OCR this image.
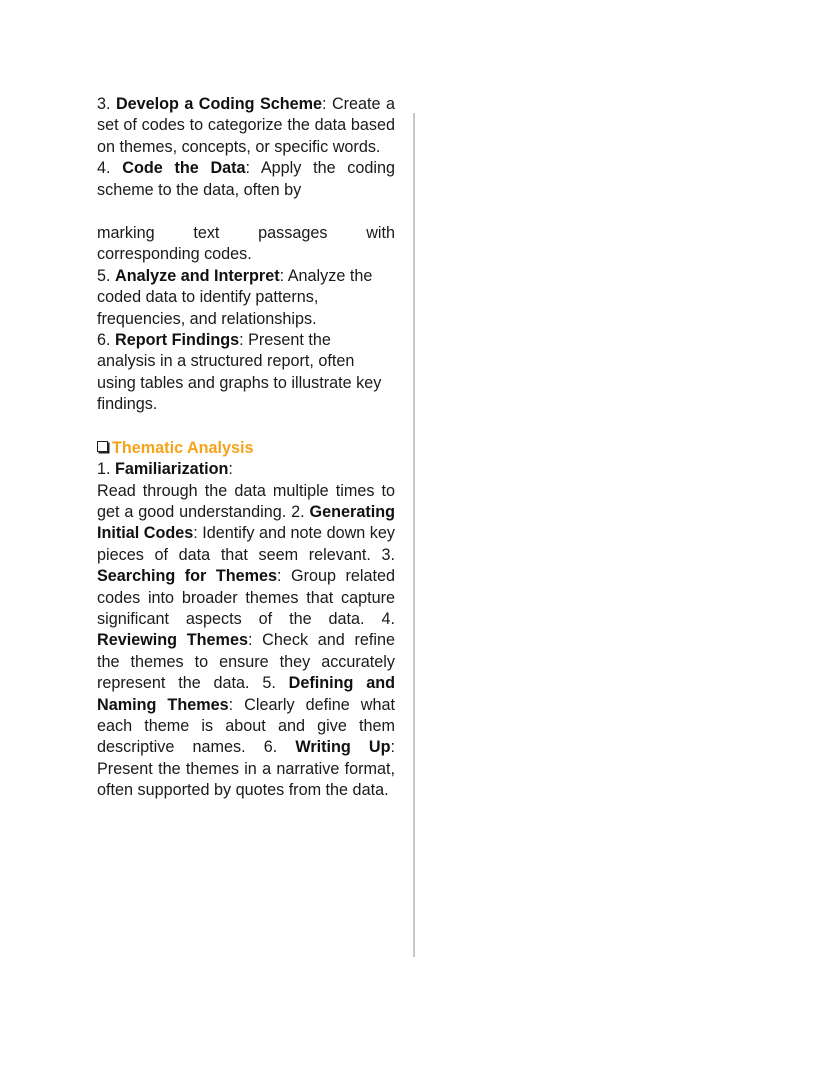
3. Develop a Coding Scheme: Create a set of codes to categorize the data based on themes, concepts, or specific words.

4. Code the Data: Apply the coding scheme to the data, often by

marking text passages with

corresponding codes.

5. Analyze and Interpret: Analyze the

coded data to identify patterns,

frequencies, and relationships.

6. Report Findings: Present the

analysis in a structured report, often

using tables and graphs to illustrate key

findings.

Thematic Analysis

1. Familiarization:

Read through the data multiple times to get a good understanding. 2. Generating Initial Codes: Identify and note down key pieces of data that seem relevant. 3. Searching for Themes: Group related codes into broader themes that capture significant aspects of the data. 4. Reviewing Themes: Check and refine the themes to ensure they accurately represent the data. 5. Defining and Naming Themes: Clearly define what each theme is about and give them descriptive names. 6. Writing Up: Present the themes in a narrative format, often supported by quotes from the data.
